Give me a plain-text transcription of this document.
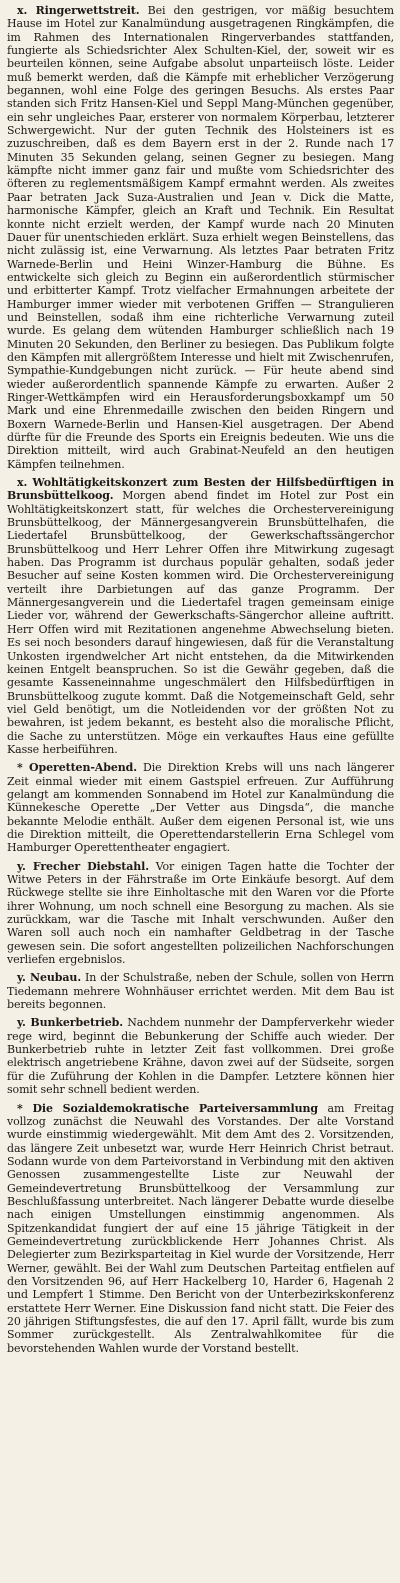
x. Ringerwettstreit. Bei den gestrigen, vor mäßig besuchtem Hause im Hotel zur Kanalmündung ausgetragenen Ringkämpfen, die im Rahmen des Internationalen Ringerverbandes stattfanden, fungierte als Schiedsrichter Alex Schulten-Kiel, der, soweit wir es beurteilen können, seine Aufgabe absolut unparteiisch löste. Leider muß bemerkt werden, daß die Kämpfe mit erheblicher Verzögerung begannen, wohl eine Folge des geringen Besuchs. Als erstes Paar standen sich Fritz Hansen-Kiel und Seppl Mang-München gegenüber, ein sehr ungleiches Paar, ersterer von normalem Körperbau, letzterer Schwergewicht. Nur der guten Technik des Holsteiners ist es zuzuschreiben, daß es dem Bayern erst in der 2. Runde nach 17 Minuten 35 Sekunden gelang, seinen Gegner zu besiegen. Mang kämpfte nicht immer ganz fair und mußte vom Schiedsrichter des öfteren zu reglementsmäßigem Kampf ermahnt werden. Als zweites Paar betraten Jack Suza-Australien und Jean v. Dick die Matte, harmonische Kämpfer, gleich an Kraft und Technik. Ein Resultat konnte nicht erzielt werden, der Kampf wurde nach 20 Minuten Dauer für unentschieden erklärt. Suza erhielt wegen Beinstellens, das nicht zulässig ist, eine Verwarnung. Als letztes Paar betraten Fritz Warnede-Berlin und Heini Winzer-Hamburg die Bühne. Es entwickelte sich gleich zu Beginn ein außerordentlich stürmischer und erbitterter Kampf. Trotz vielfacher Ermahnungen arbeitete der Hamburger immer wieder mit verbotenen Griffen — Strangulieren und Beinstellen, sodaß ihm eine richterliche Verwarnung zuteil wurde. Es gelang dem wütenden Hamburger schließlich nach 19 Minuten 20 Sekunden, den Berliner zu besiegen. Das Publikum folgte den Kämpfen mit allergrößtem Interesse und hielt mit Zwischenrufen, Sympathie-Kundgebungen nicht zurück. — Für heute abend sind wieder außerordentlich spannende Kämpfe zu erwarten. Außer 2 Ringer-Wettkämpfen wird ein Herausforderungsboxkampf um 50 Mark und eine Ehrenmedaille zwischen den beiden Ringern und Boxern Warnede-Berlin und Hansen-Kiel ausgetragen. Der Abend dürfte für die Freunde des Sports ein Ereignis bedeuten. Wie uns die Direktion mitteilt, wird auch Grabinat-Neufeld an den heutigen Kämpfen teilnehmen.

x. Wohltätigkeitskonzert zum Besten der Hilfsbedürftigen in Brunsbüttelkoog. Morgen abend findet im Hotel zur Post ein Wohltätigkeitskonzert statt, für welches die Orchestervereinigung Brunsbüttelkoog, der Männergesangverein Brunsbüttelhafen, die Liedertafel Brunsbüttelkoog, der Gewerkschaftssängerchor Brunsbüttelkoog und Herr Lehrer Offen ihre Mitwirkung zugesagt haben. Das Programm ist durchaus populär gehalten, sodaß jeder Besucher auf seine Kosten kommen wird. Die Orchestervereinigung verteilt ihre Darbietungen auf das ganze Programm. Der Männergesangverein und die Liedertafel tragen gemeinsam einige Lieder vor, während der Gewerkschafts-Sängerchor alleine auftritt. Herr Offen wird mit Rezitationen angenehme Abwechselung bieten. Es sei noch besonders darauf hingewiesen, daß für die Veranstaltung Unkosten irgendwelcher Art nicht entstehen, da die Mitwirkenden keinen Entgelt beanspruchen. So ist die Gewähr gegeben, daß die gesamte Kasseneinnahme ungeschmälert den Hilfsbedürftigen in Brunsbüttelkoog zugute kommt. Daß die Notgemeinschaft Geld, sehr viel Geld benötigt, um die Notleidenden vor der größten Not zu bewahren, ist jedem bekannt, es besteht also die moralische Pflicht, die Sache zu unterstützen. Möge ein verkauftes Haus eine gefüllte Kasse herbeiführen.

* Operetten-Abend. Die Direktion Krebs will uns nach längerer Zeit einmal wieder mit einem Gastspiel erfreuen. Zur Aufführung gelangt am kommenden Sonnabend im Hotel zur Kanalmündung die Künnekesche Operette „Der Vetter aus Dingsda“, die manche bekannte Melodie enthält. Außer dem eigenen Personal ist, wie uns die Direktion mitteilt, die Operettendarstellerin Erna Schlegel vom Hamburger Operettentheater engagiert.

y. Frecher Diebstahl. Vor einigen Tagen hatte die Tochter der Witwe Peters in der Fährstraße im Orte Einkäufe besorgt. Auf dem Rückwege stellte sie ihre Einholtasche mit den Waren vor die Pforte ihrer Wohnung, um noch schnell eine Besorgung zu machen. Als sie zurückkam, war die Tasche mit Inhalt verschwunden. Außer den Waren soll auch noch ein namhafter Geldbetrag in der Tasche gewesen sein. Die sofort angestellten polizeilichen Nachforschungen verliefen ergebnislos.

y. Neubau. In der Schulstraße, neben der Schule, sollen von Herrn Tiedemann mehrere Wohnhäuser errichtet werden. Mit dem Bau ist bereits begonnen.

y. Bunkerbetrieb. Nachdem nunmehr der Dampferverkehr wieder rege wird, beginnt die Bebunkerung der Schiffe auch wieder. Der Bunkerbetrieb ruhte in letzter Zeit fast vollkommen. Drei große elektrisch angetriebene Krähne, davon zwei auf der Südseite, sorgen für die Zuführung der Kohlen in die Dampfer. Letztere können hier somit sehr schnell bedient werden.

* Die Sozialdemokratische Parteiversammlung am Freitag vollzog zunächst die Neuwahl des Vorstandes. Der alte Vorstand wurde einstimmig wiedergewählt. Mit dem Amt des 2. Vorsitzenden, das längere Zeit unbesetzt war, wurde Herr Heinrich Christ betraut. Sodann wurde von dem Parteivorstand in Verbindung mit den aktiven Genossen zusammengestellte Liste zur Neuwahl der Gemeindevertretung Brunsbüttelkoog der Versammlung zur Beschlußfassung unterbreitet. Nach längerer Debatte wurde dieselbe nach einigen Umstellungen einstimmig angenommen. Als Spitzenkandidat fungiert der auf eine 15 jährige Tätigkeit in der Gemeindevertretung zurückblickende Herr Johannes Christ. Als Delegierter zum Bezirksparteitag in Kiel wurde der Vorsitzende, Herr Werner, gewählt. Bei der Wahl zum Deutschen Parteitag entfielen auf den Vorsitzenden 96, auf Herr Hackelberg 10, Harder 6, Hagenah 2 und Lempfert 1 Stimme. Den Bericht von der Unterbezirkskonferenz erstattete Herr Werner. Eine Diskussion fand nicht statt. Die Feier des 20 jährigen Stiftungsfestes, die auf den 17. April fällt, wurde bis zum Sommer zurückgestellt. Als Zentralwahlkomitee für die bevorstehenden Wahlen wurde der Vorstand bestellt.
